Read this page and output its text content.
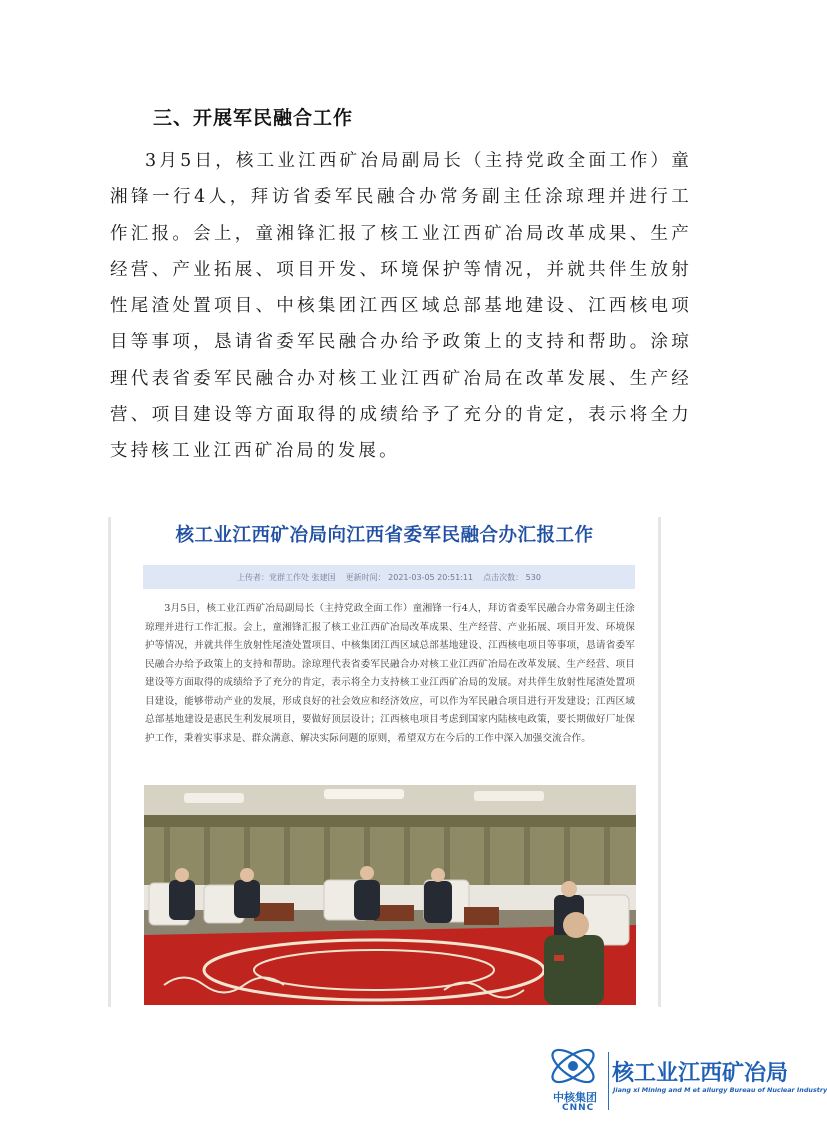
三、开展军民融合工作

3月5日，核工业江西矿冶局副局长（主持党政全面工作）童湘锋一行4人，拜访省委军民融合办常务副主任涂琼理并进行工作汇报。会上，童湘锋汇报了核工业江西矿冶局改革成果、生产经营、产业拓展、项目开发、环境保护等情况，并就共伴生放射性尾渣处置项目、中核集团江西区域总部基地建设、江西核电项目等事项，恳请省委军民融合办给予政策上的支持和帮助。涂琼理代表省委军民融合办对核工业江西矿冶局在改革发展、生产经营、项目建设等方面取得的成绩给予了充分的肯定，表示将全力支持核工业江西矿冶局的发展。

核工业江西矿冶局向江西省委军民融合办汇报工作
上传者：党群工作处 张建国 更新时间： 2021-03-05 20:51:11 点击次数： 530

3月5日，核工业江西矿冶局副局长（主持党政全面工作）童湘锋一行4人，拜访省委军民融合办常务副主任涂琼理并进行工作汇报。会上，童湘锋汇报了核工业江西矿冶局改革成果、生产经营、产业拓展、项目开发、环境保护等情况，并就共伴生放射性尾渣处置项目、中核集团江西区域总部基地建设、江西核电项目等事项，恳请省委军民融合办给予政策上的支持和帮助。涂琼理代表省委军民融合办对核工业江西矿冶局在改革发展、生产经营、项目建设等方面取得的成绩给予了充分的肯定，表示将全力支持核工业江西矿冶局的发展。对共伴生放射性尾渣处置项目建设，能够带动产业的发展，形成良好的社会效应和经济效应，可以作为军民融合项目进行开发建设；江西区域总部基地建设是惠民生利发展项目，要做好顶层设计；江西核电项目考虑到国家内陆核电政策，要长期做好厂址保护工作，秉着实事求是、群众满意、解决实际问题的原则，希望双方在今后的工作中深入加强交流合作。

中核集团
CNNC
核工业江西矿冶局
Jiang xi Mining and M et allurgy Bureau of Nuclear Industry
